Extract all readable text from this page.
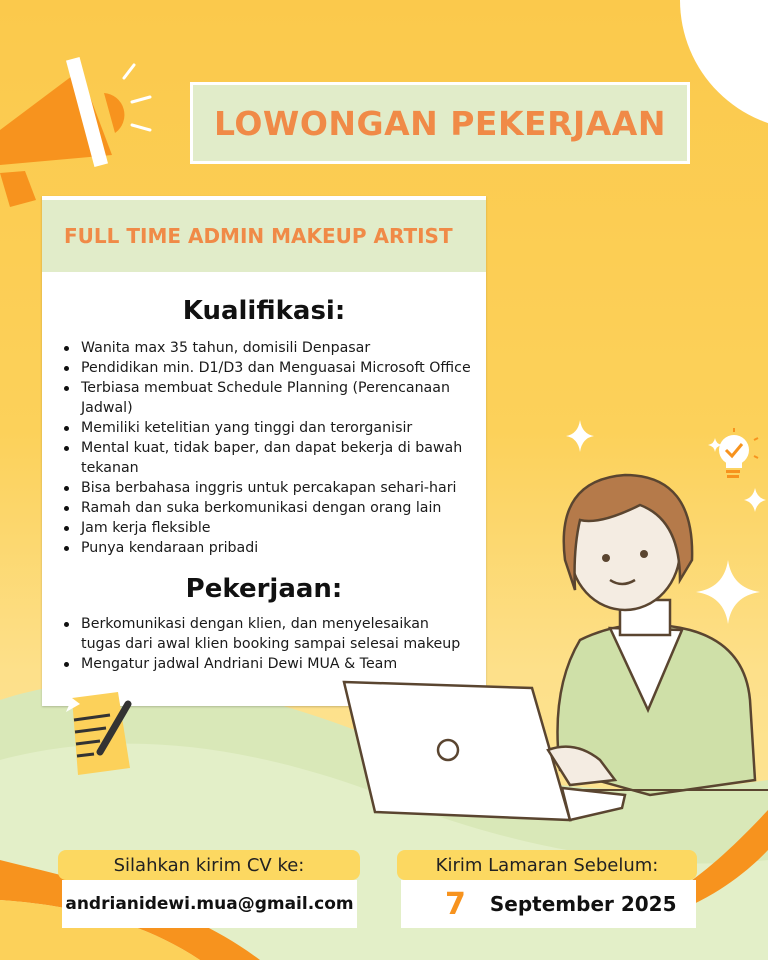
LOWONGAN PEKERJAAN
FULL TIME ADMIN MAKEUP ARTIST
Kualifikasi:
Wanita max 35 tahun, domisili Denpasar
Pendidikan min. D1/D3 dan Menguasai Microsoft Office
Terbiasa membuat Schedule Planning (Perencanaan Jadwal)
Memiliki ketelitian yang tinggi dan terorganisir
Mental kuat, tidak baper, dan dapat bekerja di bawah tekanan
Bisa berbahasa inggris untuk percakapan sehari-hari
Ramah dan suka berkomunikasi dengan orang lain
Jam kerja fleksible
Punya kendaraan pribadi
Pekerjaan:
Berkomunikasi dengan klien, dan menyelesaikan tugas dari awal klien booking sampai selesai makeup
Mengatur jadwal Andriani Dewi MUA & Team
Silahkan kirim CV ke:
andrianidewi.mua@gmail.com
Kirim Lamaran Sebelum:
7 September 2025
